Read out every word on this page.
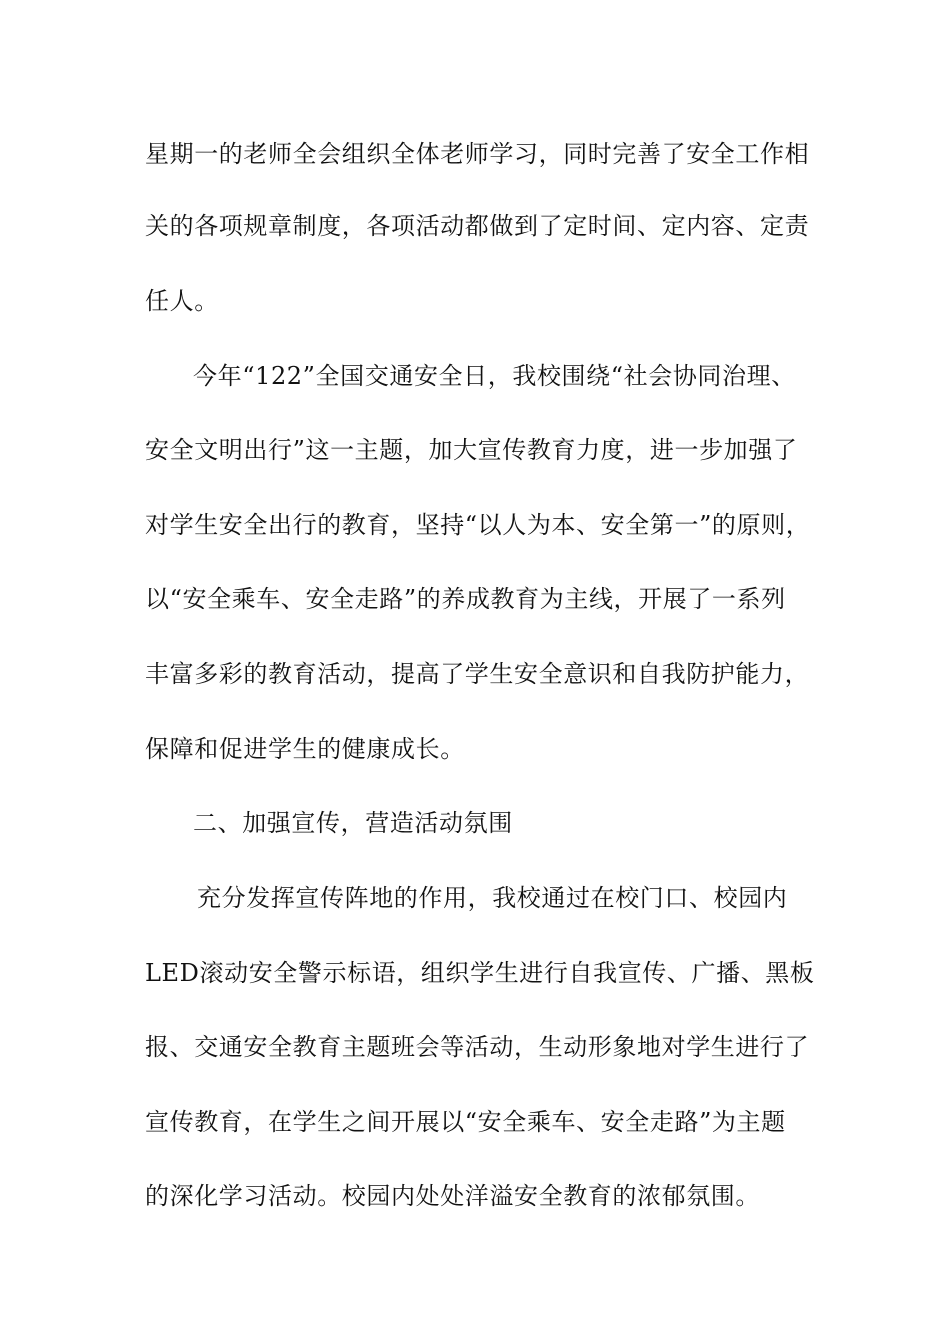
星期一的老师全会组织全体老师学习，同时完善了安全工作相
关的各项规章制度，各项活动都做到了定时间、定内容、定责
任人。
今年“122”全国交通安全日，我校围绕“社会协同治理、
安全文明出行”这一主题，加大宣传教育力度，进一步加强了
对学生安全出行的教育，坚持“以人为本、安全第一”的原则，
以“安全乘车、安全走路”的养成教育为主线，开展了一系列
丰富多彩的教育活动，提高了学生安全意识和自我防护能力，
保障和促进学生的健康成长。
二、加强宣传，营造活动氛围
充分发挥宣传阵地的作用，我校通过在校门口、校园内
LED滚动安全警示标语，组织学生进行自我宣传、广播、黑板
报、交通安全教育主题班会等活动，生动形象地对学生进行了
宣传教育，在学生之间开展以“安全乘车、安全走路”为主题
的深化学习活动。校园内处处洋溢安全教育的浓郁氛围。
